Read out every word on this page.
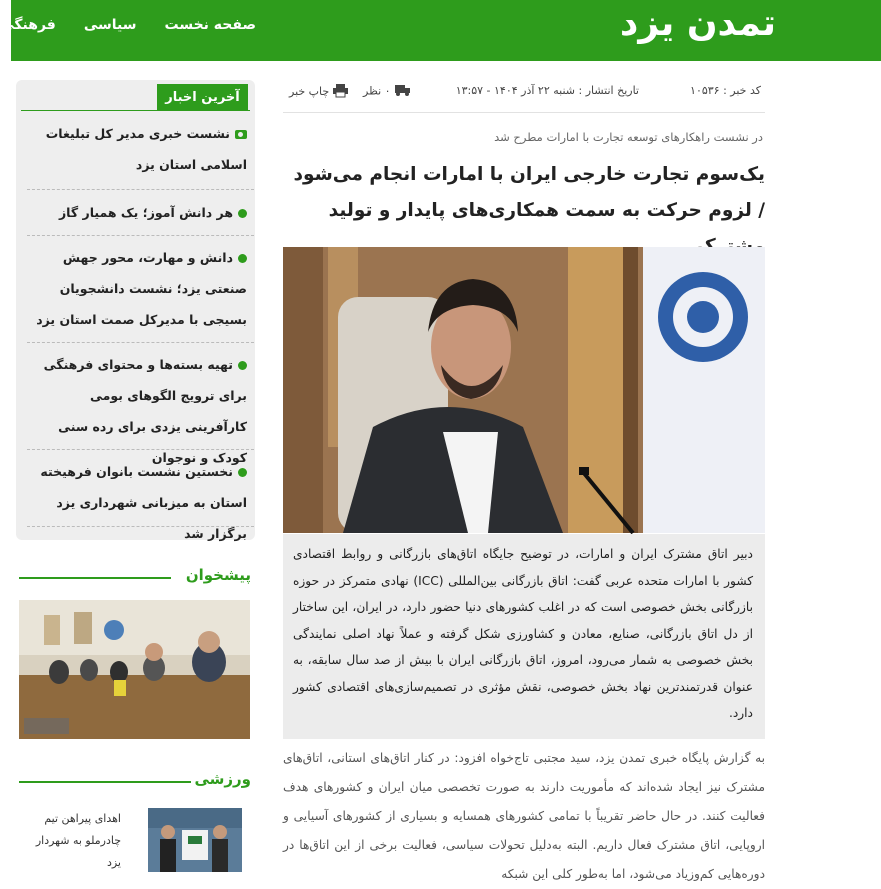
تمدن یزد
صفحه نخست
سیاسی
فرهنگی
آخرین اخبار
نشست خبری مدیر کل تبلیغات اسلامی استان یزد
هر دانش آموز؛ یک همیار گاز
دانش و مهارت، محور جهش صنعتی یزد؛ نشست دانشجویان بسیجی با مدیرکل صمت استان یزد
تهیه بسته‌ها و محتوای فرهنگی برای ترویج الگوهای بومی کارآفرینی یزدی برای رده سنی کودک و نوجوان
نخستین نشست بانوان فرهیخته استان به میزبانی شهرداری یزد برگزار شد
پیشخوان
ورزشی
اهدای پیراهن تیم چادرملو به شهردار یزد
کد خبر : ۱۰۵۳۶
تاریخ انتشار : شنبه ۲۲ آذر ۱۴۰۴ - ۱۳:۵۷
۰ نظر
چاپ خبر
در نشست راهکارهای توسعه تجارت با امارات مطرح شد
یک‌سوم تجارت خارجی ایران با امارات انجام می‌شود / لزوم حرکت به سمت همکاری‌های پایدار و تولید
دبیر اتاق مشترک ایران و امارات، در توضیح جایگاه اتاق‌های بازرگانی و روابط اقتصادی کشور با امارات متحده عربی گفت: اتاق بازرگانی بین‌المللی (ICC) نهادی متمرکز در حوزه بازرگانی بخش خصوصی است که در اغلب کشورهای دنیا حضور دارد، در ایران، این ساختار از دل اتاق بازرگانی، صنایع، معادن و کشاورزی شکل گرفته و عملاً نهاد اصلی نمایندگی بخش خصوصی به شمار می‌رود، امروز، اتاق بازرگانی ایران با بیش از صد سال سابقه، به عنوان قدرتمندترین نهاد بخش خصوصی، نقش مؤثری در تصمیم‌سازی‌های اقتصادی کشور دارد.
به گزارش پایگاه خبری تمدن یزد، سید مجتبی تاج‌خواه افزود: در کنار اتاق‌های استانی، اتاق‌های مشترک نیز ایجاد شده‌اند که مأموریت دارند به صورت تخصصی میان ایران و کشورهای هدف فعالیت کنند. در حال حاضر تقریباً با تمامی کشورهای همسایه و بسیاری از کشورهای آسیایی و اروپایی، اتاق مشترک فعال داریم. البته به‌دلیل تحولات سیاسی، فعالیت برخی از این اتاق‌ها در دوره‌هایی کم‌وزیاد می‌شود، اما به‌طور کلی این شبکه
